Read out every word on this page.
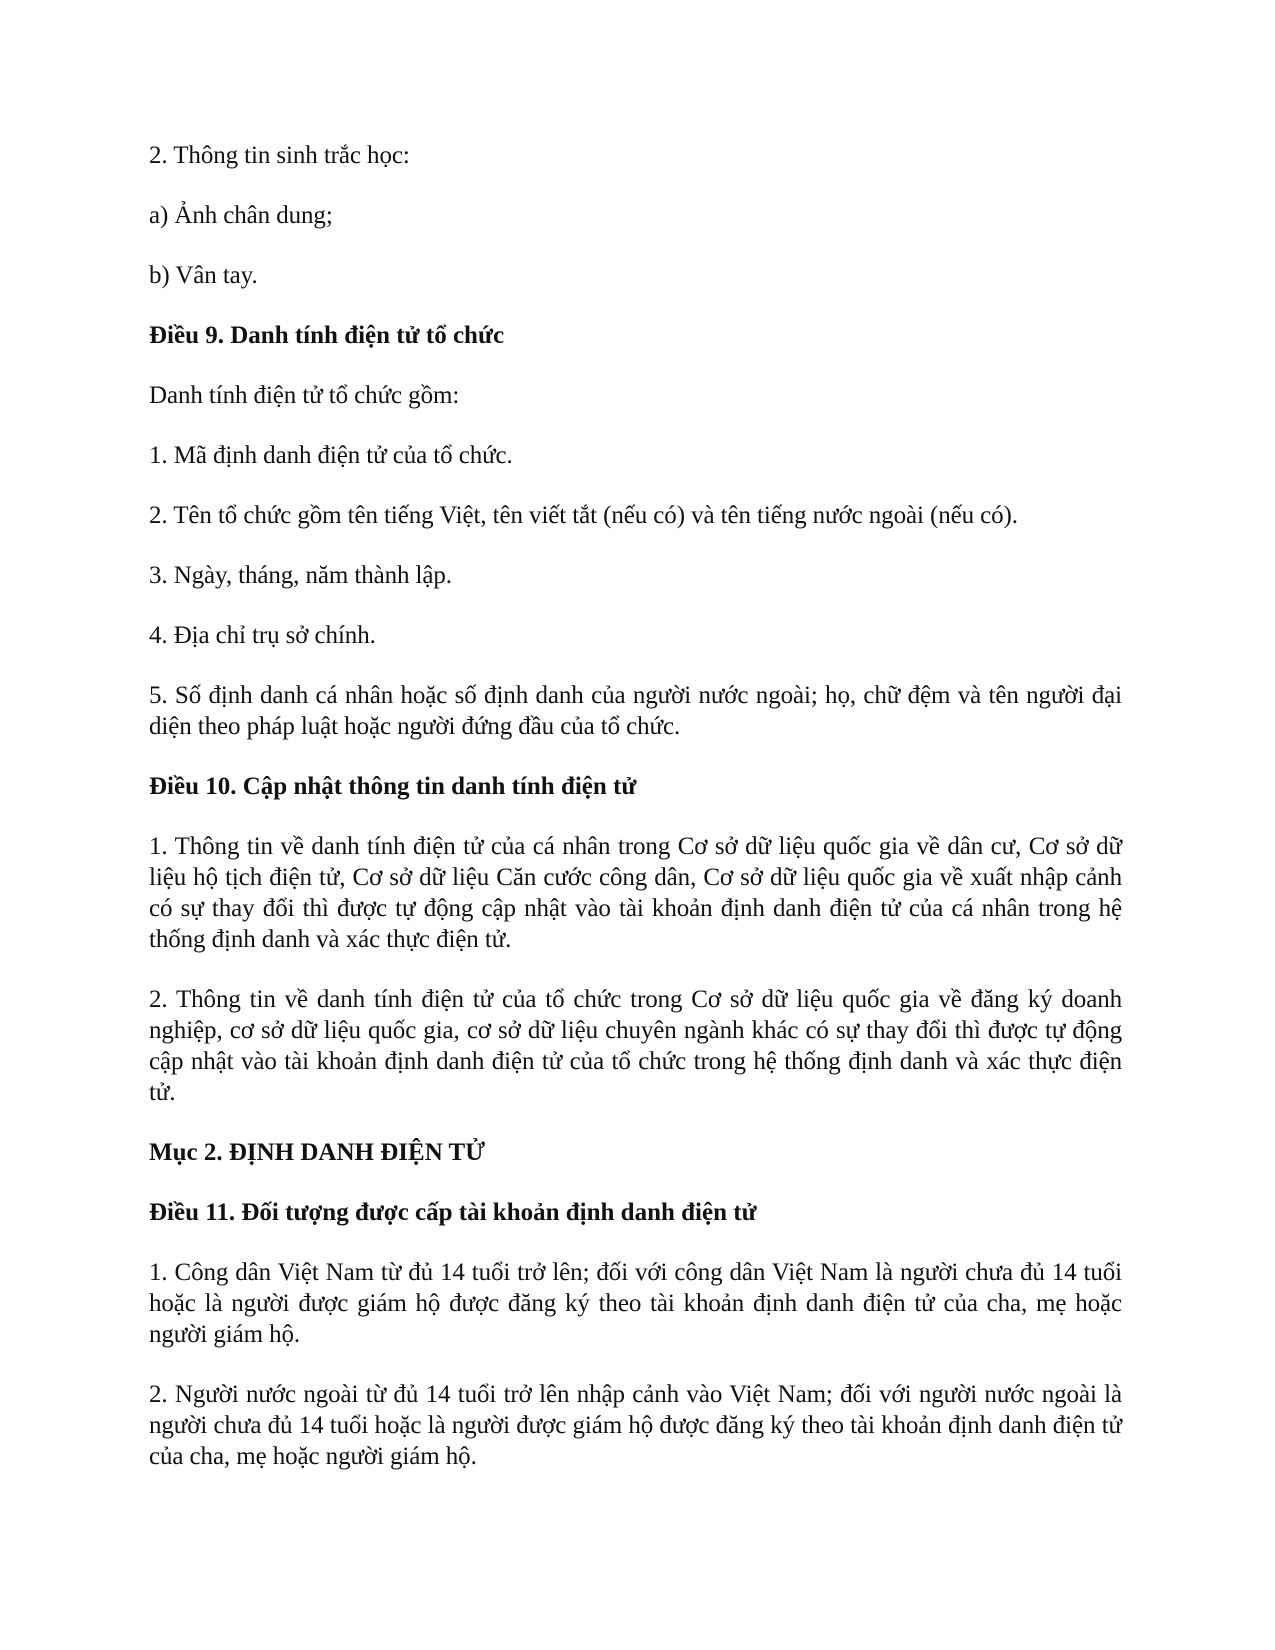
2. Thông tin sinh trắc học:

a) Ảnh chân dung;

b) Vân tay.

Điều 9. Danh tính điện tử tổ chức

Danh tính điện tử tổ chức gồm:

1. Mã định danh điện tử của tổ chức.

2. Tên tổ chức gồm tên tiếng Việt, tên viết tắt (nếu có) và tên tiếng nước ngoài (nếu có).

3. Ngày, tháng, năm thành lập.

4. Địa chỉ trụ sở chính.

5. Số định danh cá nhân hoặc số định danh của người nước ngoài; họ, chữ đệm và tên người đại diện theo pháp luật hoặc người đứng đầu của tổ chức.

Điều 10. Cập nhật thông tin danh tính điện tử

1. Thông tin về danh tính điện tử của cá nhân trong Cơ sở dữ liệu quốc gia về dân cư, Cơ sở dữ liệu hộ tịch điện tử, Cơ sở dữ liệu Căn cước công dân, Cơ sở dữ liệu quốc gia về xuất nhập cảnh có sự thay đổi thì được tự động cập nhật vào tài khoản định danh điện tử của cá nhân trong hệ thống định danh và xác thực điện tử.

2. Thông tin về danh tính điện tử của tổ chức trong Cơ sở dữ liệu quốc gia về đăng ký doanh nghiệp, cơ sở dữ liệu quốc gia, cơ sở dữ liệu chuyên ngành khác có sự thay đổi thì được tự động cập nhật vào tài khoản định danh điện tử của tổ chức trong hệ thống định danh và xác thực điện tử.

Mục 2. ĐỊNH DANH ĐIỆN TỬ
Điều 11. Đối tượng được cấp tài khoản định danh điện tử

1. Công dân Việt Nam từ đủ 14 tuổi trở lên; đối với công dân Việt Nam là người chưa đủ 14 tuổi hoặc là người được giám hộ được đăng ký theo tài khoản định danh điện tử của cha, mẹ hoặc người giám hộ.

2. Người nước ngoài từ đủ 14 tuổi trở lên nhập cảnh vào Việt Nam; đối với người nước ngoài là người chưa đủ 14 tuổi hoặc là người được giám hộ được đăng ký theo tài khoản định danh điện tử của cha, mẹ hoặc người giám hộ.
